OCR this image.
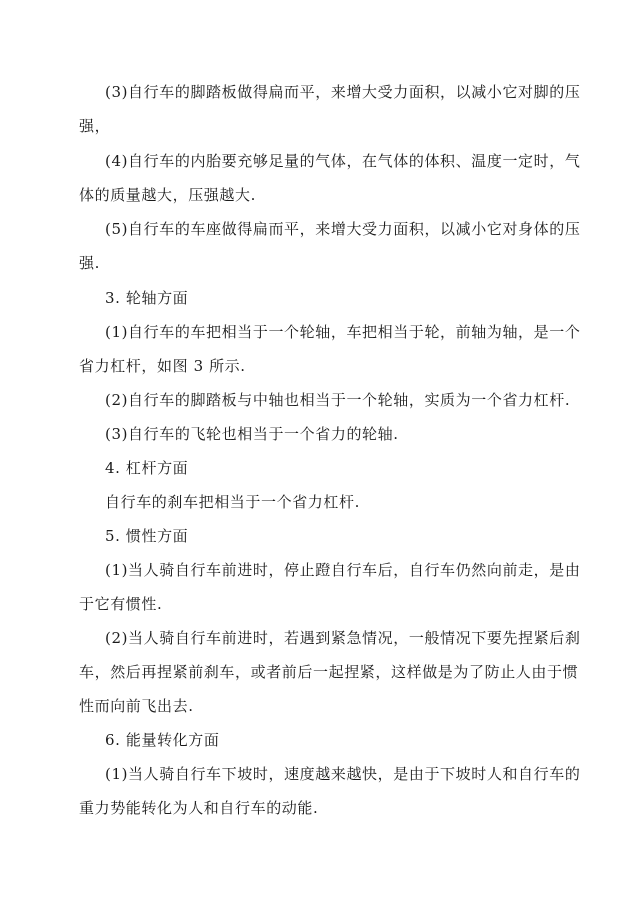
(3)自行车的脚踏板做得扁而平，来增大受力面积，以减小它对脚的压
强，
(4)自行车的内胎要充够足量的气体，在气体的体积、温度一定时，气
体的质量越大，压强越大.
(5)自行车的车座做得扁而平，来增大受力面积，以减小它对身体的压
强.
3. 轮轴方面
(1)自行车的车把相当于一个轮轴，车把相当于轮，前轴为轴，是一个
省力杠杆，如图 3 所示.
(2)自行车的脚踏板与中轴也相当于一个轮轴，实质为一个省力杠杆.
(3)自行车的飞轮也相当于一个省力的轮轴.
4. 杠杆方面
自行车的刹车把相当于一个省力杠杆.
5. 惯性方面
(1)当人骑自行车前进时，停止蹬自行车后，自行车仍然向前走，是由
于它有惯性.
(2)当人骑自行车前进时，若遇到紧急情况，一般情况下要先捏紧后刹
车，然后再捏紧前刹车，或者前后一起捏紧，这样做是为了防止人由于惯
性而向前飞出去.
6. 能量转化方面
(1)当人骑自行车下坡时，速度越来越快，是由于下坡时人和自行车的
重力势能转化为人和自行车的动能.
